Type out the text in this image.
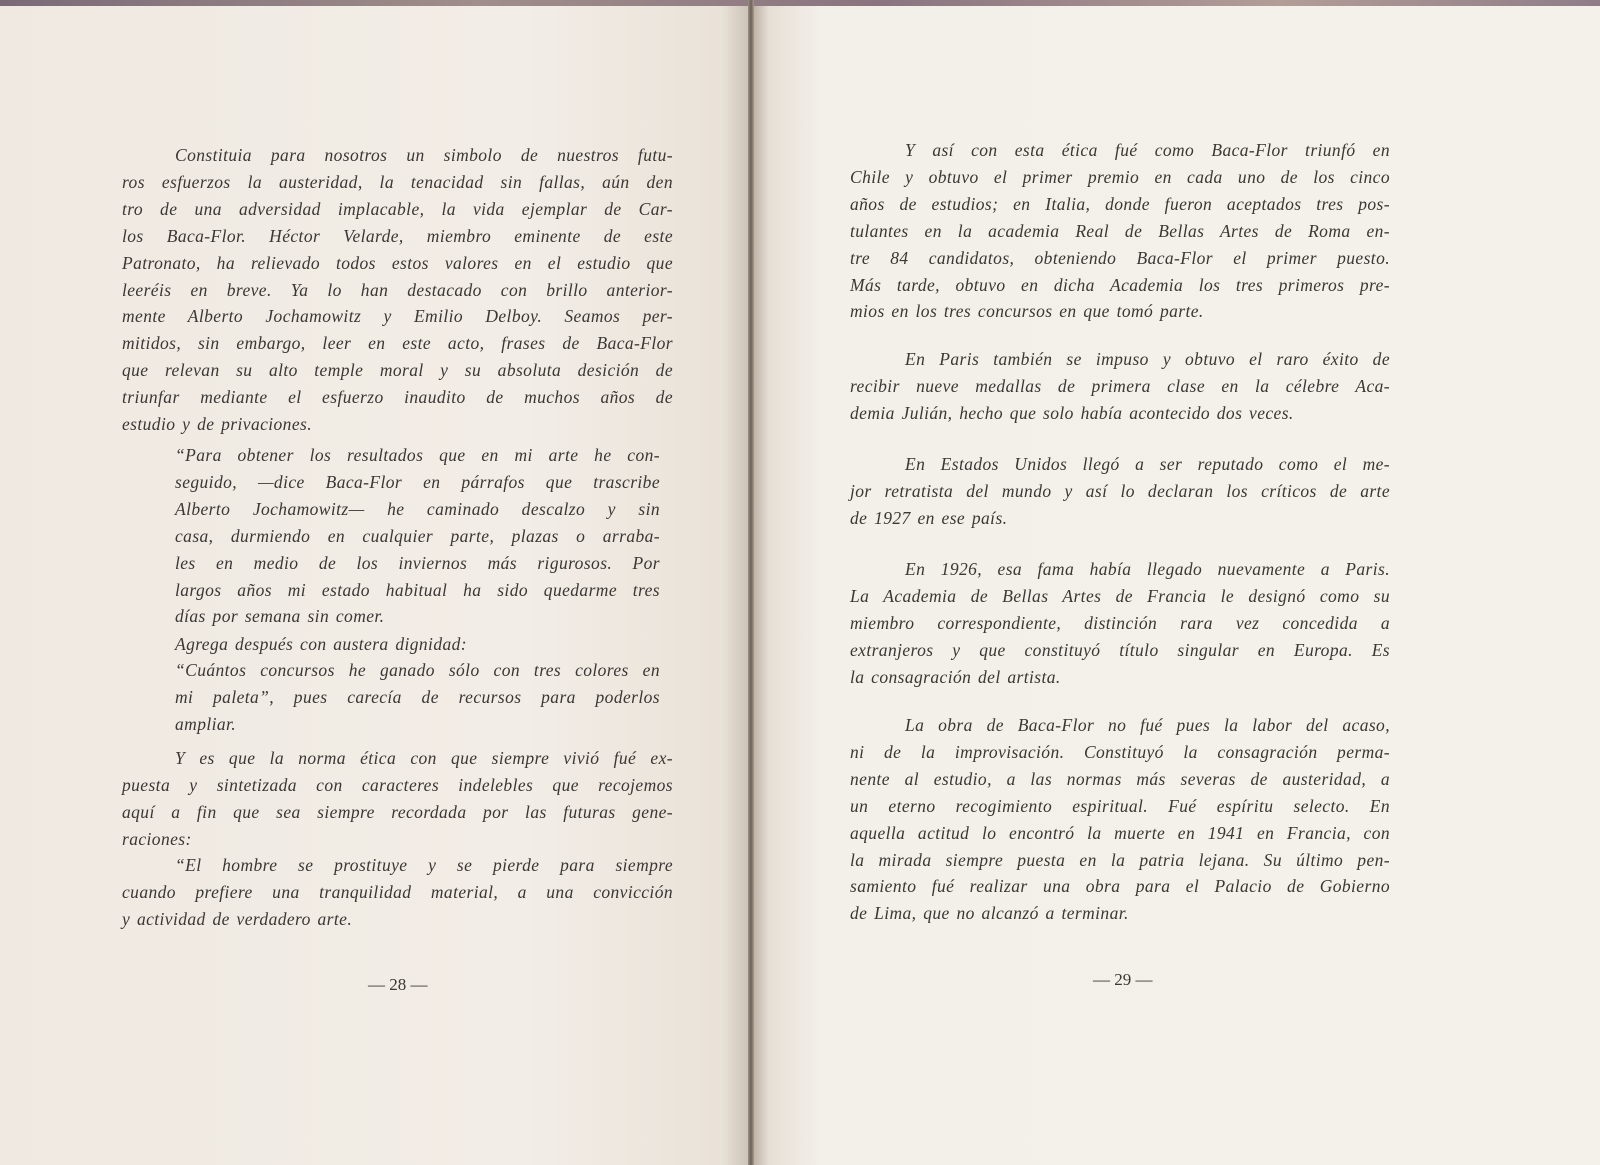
— 28 —	— 29 —
Constituia para nosotros un simbolo de nuestros futu-
ros esfuerzos la austeridad, la tenacidad sin fallas, aún den
tro de una adversidad implacable, la vida ejemplar de Car-
los Baca-Flor. Héctor Velarde, miembro eminente de este
Patronato, ha relievado todos estos valores en el estudio que
leeréis en breve. Ya lo han destacado con brillo anterior-
mente Alberto Jochamowitz y Emilio Delboy. Seamos per-
mitidos, sin embargo, leer en este acto, frases de Baca-Flor
que relevan su alto temple moral y su absoluta desición de
triunfar mediante el esfuerzo inaudito de muchos años de
estudio y de privaciones.
“Para obtener los resultados que en mi arte he con-
seguido, —dice Baca-Flor en párrafos que trascribe
Alberto Jochamowitz— he caminado descalzo y sin
casa, durmiendo en cualquier parte, plazas o arraba-
les en medio de los inviernos más rigurosos. Por
largos años mi estado habitual ha sido quedarme tres
días por semana sin comer.
Agrega después con austera dignidad:
“Cuántos concursos he ganado sólo con tres colores en
mi paleta”, pues carecía de recursos para poderlos
ampliar.
Y es que la norma ética con que siempre vivió fué ex-
puesta y sintetizada con caracteres indelebles que recojemos
aquí a fin que sea siempre recordada por las futuras gene-
raciones:
“El hombre se prostituye y se pierde para siempre
cuando prefiere una tranquilidad material, a una convicción
y actividad de verdadero arte.
Y así con esta ética fué como Baca-Flor triunfó en
Chile y obtuvo el primer premio en cada uno de los cinco
años de estudios; en Italia, donde fueron aceptados tres pos-
tulantes en la academia Real de Bellas Artes de Roma en-
tre 84 candidatos, obteniendo Baca-Flor el primer puesto.
Más tarde, obtuvo en dicha Academia los tres primeros pre-
mios en los tres concursos en que tomó parte.
En Paris también se impuso y obtuvo el raro éxito de
recibir nueve medallas de primera clase en la célebre Aca-
demia Julián, hecho que solo había acontecido dos veces.
En Estados Unidos llegó a ser reputado como el me-
jor retratista del mundo y así lo declaran los críticos de arte
de 1927 en ese país.
En 1926, esa fama había llegado nuevamente a Paris.
La Academia de Bellas Artes de Francia le designó como su
miembro correspondiente, distinción rara vez concedida a
extranjeros y que constituyó título singular en Europa. Es
la consagración del artista.
La obra de Baca-Flor no fué pues la labor del acaso,
ni de la improvisación. Constituyó la consagración perma-
nente al estudio, a las normas más severas de austeridad, a
un eterno recogimiento espiritual. Fué espíritu selecto. En
aquella actitud lo encontró la muerte en 1941 en Francia, con
la mirada siempre puesta en la patria lejana. Su último pen-
samiento fué realizar una obra para el Palacio de Gobierno
de Lima, que no alcanzó a terminar.
